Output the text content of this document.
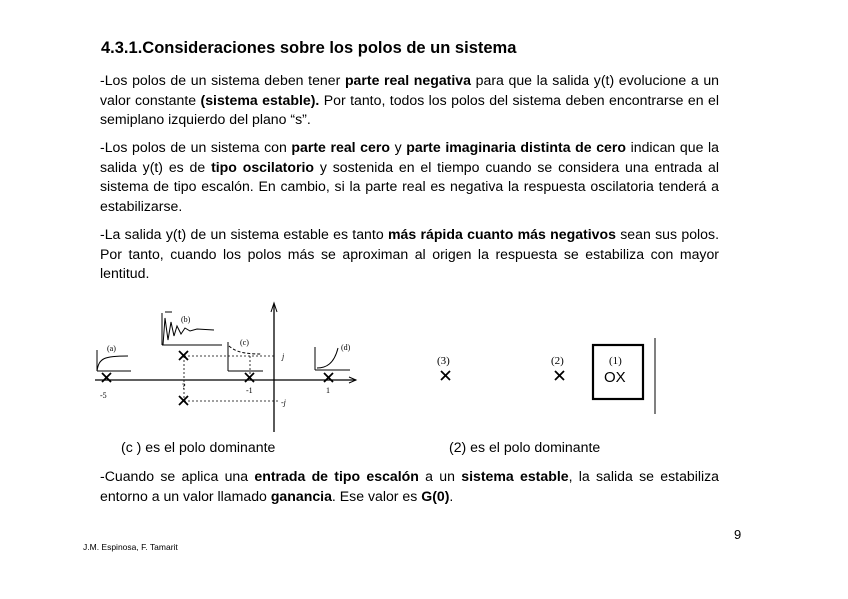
4.3.1.Consideraciones sobre los polos de un sistema

-Los polos de un sistema deben tener parte real negativa para que la salida y(t) evolucione a un valor constante (sistema estable). Por tanto, todos los polos del sistema deben encontrarse en el semiplano izquierdo del plano “s”.

-Los polos de un sistema con parte real cero y parte imaginaria distinta de cero indican que la salida y(t) es de tipo oscilatorio y sostenida en el tiempo cuando se considera una entrada al sistema de tipo escalón. En cambio, si la parte real es negativa la respuesta oscilatoria tenderá a estabilizarse.

-La salida y(t) de un sistema estable es tanto más rápida cuanto más negativos sean sus polos. Por tanto, cuando los polos más se aproximan al origen la respuesta se estabiliza con mayor lentitud.

(a)
(b)
(c)
(d)
-5
-1	1
?
j
-j
(3)	(2)	(1)
OX

(c ) es el polo dominante	(2) es el polo dominante

-Cuando se aplica una entrada de tipo escalón a un sistema estable, la salida se estabiliza entorno a un valor llamado ganancia. Ese valor es G(0).

9
J.M. Espinosa, F. Tamarit
